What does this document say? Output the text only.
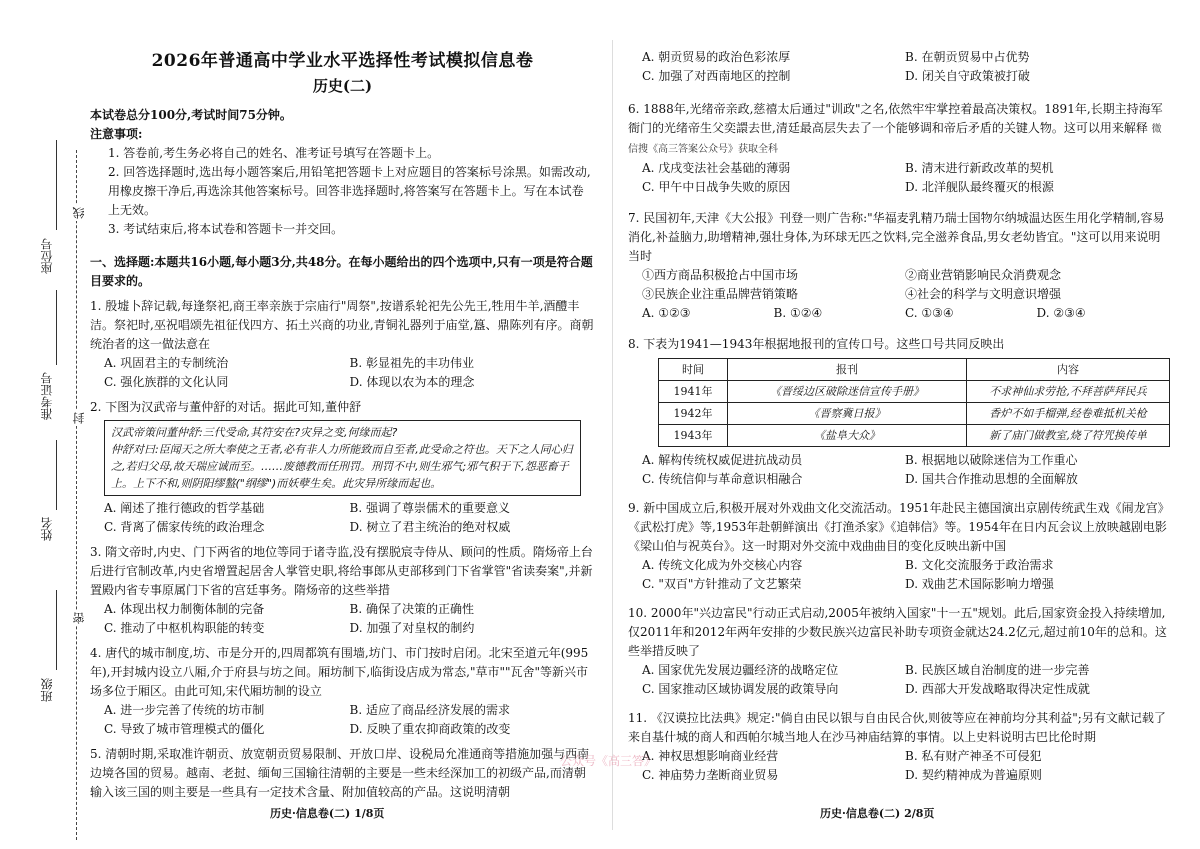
座位号
准考证号
姓名
班级
线
封
密
2026年普通高中学业水平选择性考试模拟信息卷
历史(二)

本试卷总分100分,考试时间75分钟。

注意事项:

1. 答卷前,考生务必将自己的姓名、准考证号填写在答题卡上。

2. 回答选择题时,选出每小题答案后,用铅笔把答题卡上对应题目的答案标号涂黑。如需改动,用橡皮擦干净后,再选涂其他答案标号。回答非选择题时,将答案写在答题卡上。写在本试卷上无效。

3. 考试结束后,将本试卷和答题卡一并交回。

一、选择题:本题共16小题,每小题3分,共48分。在每小题给出的四个选项中,只有一项是符合题目要求的。

1. 殷墟卜辞记载,每逢祭祀,商王率亲族于宗庙行"周祭",按谱系轮祀先公先王,牲用牛羊,酒醴丰洁。祭祀时,巫祝唱颂先祖征伐四方、拓土兴商的功业,青铜礼器列于庙堂,簋、鼎陈列有序。商朝统治者的这一做法意在

A. 巩固君主的专制统治	B. 彰显祖先的丰功伟业
C. 强化族群的文化认同	D. 体现以农为本的理念

2. 下图为汉武帝与董仲舒的对话。据此可知,董仲舒

汉武帝策问董仲舒:三代受命,其符安在?灾异之变,何缘而起?

仲舒对曰:臣闻天之所大奉使之王者,必有非人力所能致而自至者,此受命之符也。天下之人同心归之,若归父母,故天瑞应诚而至。……废德教而任刑罚。刑罚不中,则生邪气;邪气积于下,怨恶畜于上。上下不和,则阴阳缪盭("纲缪")而妖孽生矣。此灾异所缘而起也。

A. 阐述了推行德政的哲学基础	B. 强调了尊崇儒术的重要意义
C. 背离了儒家传统的政治理念	D. 树立了君主统治的绝对权威

3. 隋文帝时,内史、门下两省的地位等同于诸寺监,没有摆脱宸寺侍从、顾问的性质。隋炀帝上台后进行官制改革,内史省增置起居舍人掌管史职,将给事郎从吏部移到门下省掌管"省读奏案",并新置殿内省专事原属门下省的宫廷事务。隋炀帝的这些举措

A. 体现出权力制衡体制的完备	B. 确保了决策的正确性
C. 推动了中枢机构职能的转变	D. 加强了对皇权的制约

4. 唐代的城市制度,坊、市是分开的,四周都筑有围墙,坊门、市门按时启闭。北宋至道元年(995年),开封城内设立八厢,介于府县与坊之间。厢坊制下,临街设店成为常态,"草市""瓦舍"等新兴市场多位于厢区。由此可知,宋代厢坊制的设立

A. 进一步完善了传统的坊市制	B. 适应了商品经济发展的需求
C. 导致了城市管理模式的僵化	D. 反映了重农抑商政策的改变

5. 清朝时期,采取准许朝贡、放宽朝贡贸易限制、开放口岸、设税局允准通商等措施加强与西南边境各国的贸易。越南、老挝、缅甸三国输往清朝的主要是一些未经深加工的初级产品,而清朝输入该三国的则主要是一些具有一定技术含量、附加值较高的产品。这说明清朝

A. 朝贡贸易的政治色彩浓厚	B. 在朝贡贸易中占优势
C. 加强了对西南地区的控制	D. 闭关自守政策被打破

6. 1888年,光绪帝亲政,慈禧太后通过"训政"之名,依然牢牢掌控着最高决策权。1891年,长期主持海军衙门的光绪帝生父奕譞去世,清廷最高层失去了一个能够调和帝后矛盾的关键人物。这可以用来解释 微信搜《高三答案公众号》获取全科

A. 戊戌变法社会基础的薄弱	B. 清末进行新政改革的契机
C. 甲午中日战争失败的原因	D. 北洋舰队最终覆灭的根源

7. 民国初年,天津《大公报》刊登一则广告称:"华福麦乳精乃瑞士国物尔纳城温达医生用化学精制,容易消化,补益脑力,助增精神,强壮身体,为环球无匹之饮料,完全滋养食品,男女老幼皆宜。"这可以用来说明当时

①西方商品积极抢占中国市场	②商业营销影响民众消费观念
③民族企业注重品牌营销策略	④社会的科学与文明意识增强
A. ①②③	B. ①②④	C. ①③④	D. ②③④

8. 下表为1941—1943年根据地报刊的宣传口号。这些口号共同反映出

时间	报刊	内容
1941年	《晋绥边区破除迷信宣传手册》	不求神仙求劳抢,不拜菩萨拜民兵
1942年	《晋察冀日报》	香炉不如手榴弹,经卷难抵机关枪
1943年	《盐阜大众》	新了庙门做教室,烧了符咒换传单
A. 解构传统权威促进抗战动员	B. 根据地以破除迷信为工作重心
C. 传统信仰与革命意识相融合	D. 国共合作推动思想的全面解放

9. 新中国成立后,积极开展对外戏曲文化交流活动。1951年赴民主德国演出京剧传统武生戏《闹龙宫》《武松打虎》等,1953年赴朝鲜演出《打渔杀家》《追韩信》等。1954年在日内瓦会议上放映越剧电影《梁山伯与祝英台》。这一时期对外交流中戏曲曲目的变化反映出新中国

A. 传统文化成为外交核心内容	B. 文化交流服务于政治需求
C. "双百"方针推动了文艺繁荣	D. 戏曲艺术国际影响力增强

10. 2000年"兴边富民"行动正式启动,2005年被纳入国家"十一五"规划。此后,国家资金投入持续增加,仅2011年和2012年两年安排的少数民族兴边富民补助专项资金就达24.2亿元,超过前10年的总和。这些举措反映了

A. 国家优先发展边疆经济的战略定位	B. 民族区域自治制度的进一步完善
C. 国家推动区域协调发展的政策导向	D. 西部大开发战略取得决定性成就

11. 《汉谟拉比法典》规定:"倘自由民以银与自由民合伙,则彼等应在神前均分其利益";另有文献记载了来自基什城的商人和西帕尔城当地人在沙马神庙结算的事情。以上史料说明古巴比伦时期

A. 神权思想影响商业经营	B. 私有财产神圣不可侵犯
C. 神庙势力垄断商业贸易	D. 契约精神成为普遍原则
公众号《高三答》
历史·信息卷(二) 1/8页	历史·信息卷(二) 2/8页
